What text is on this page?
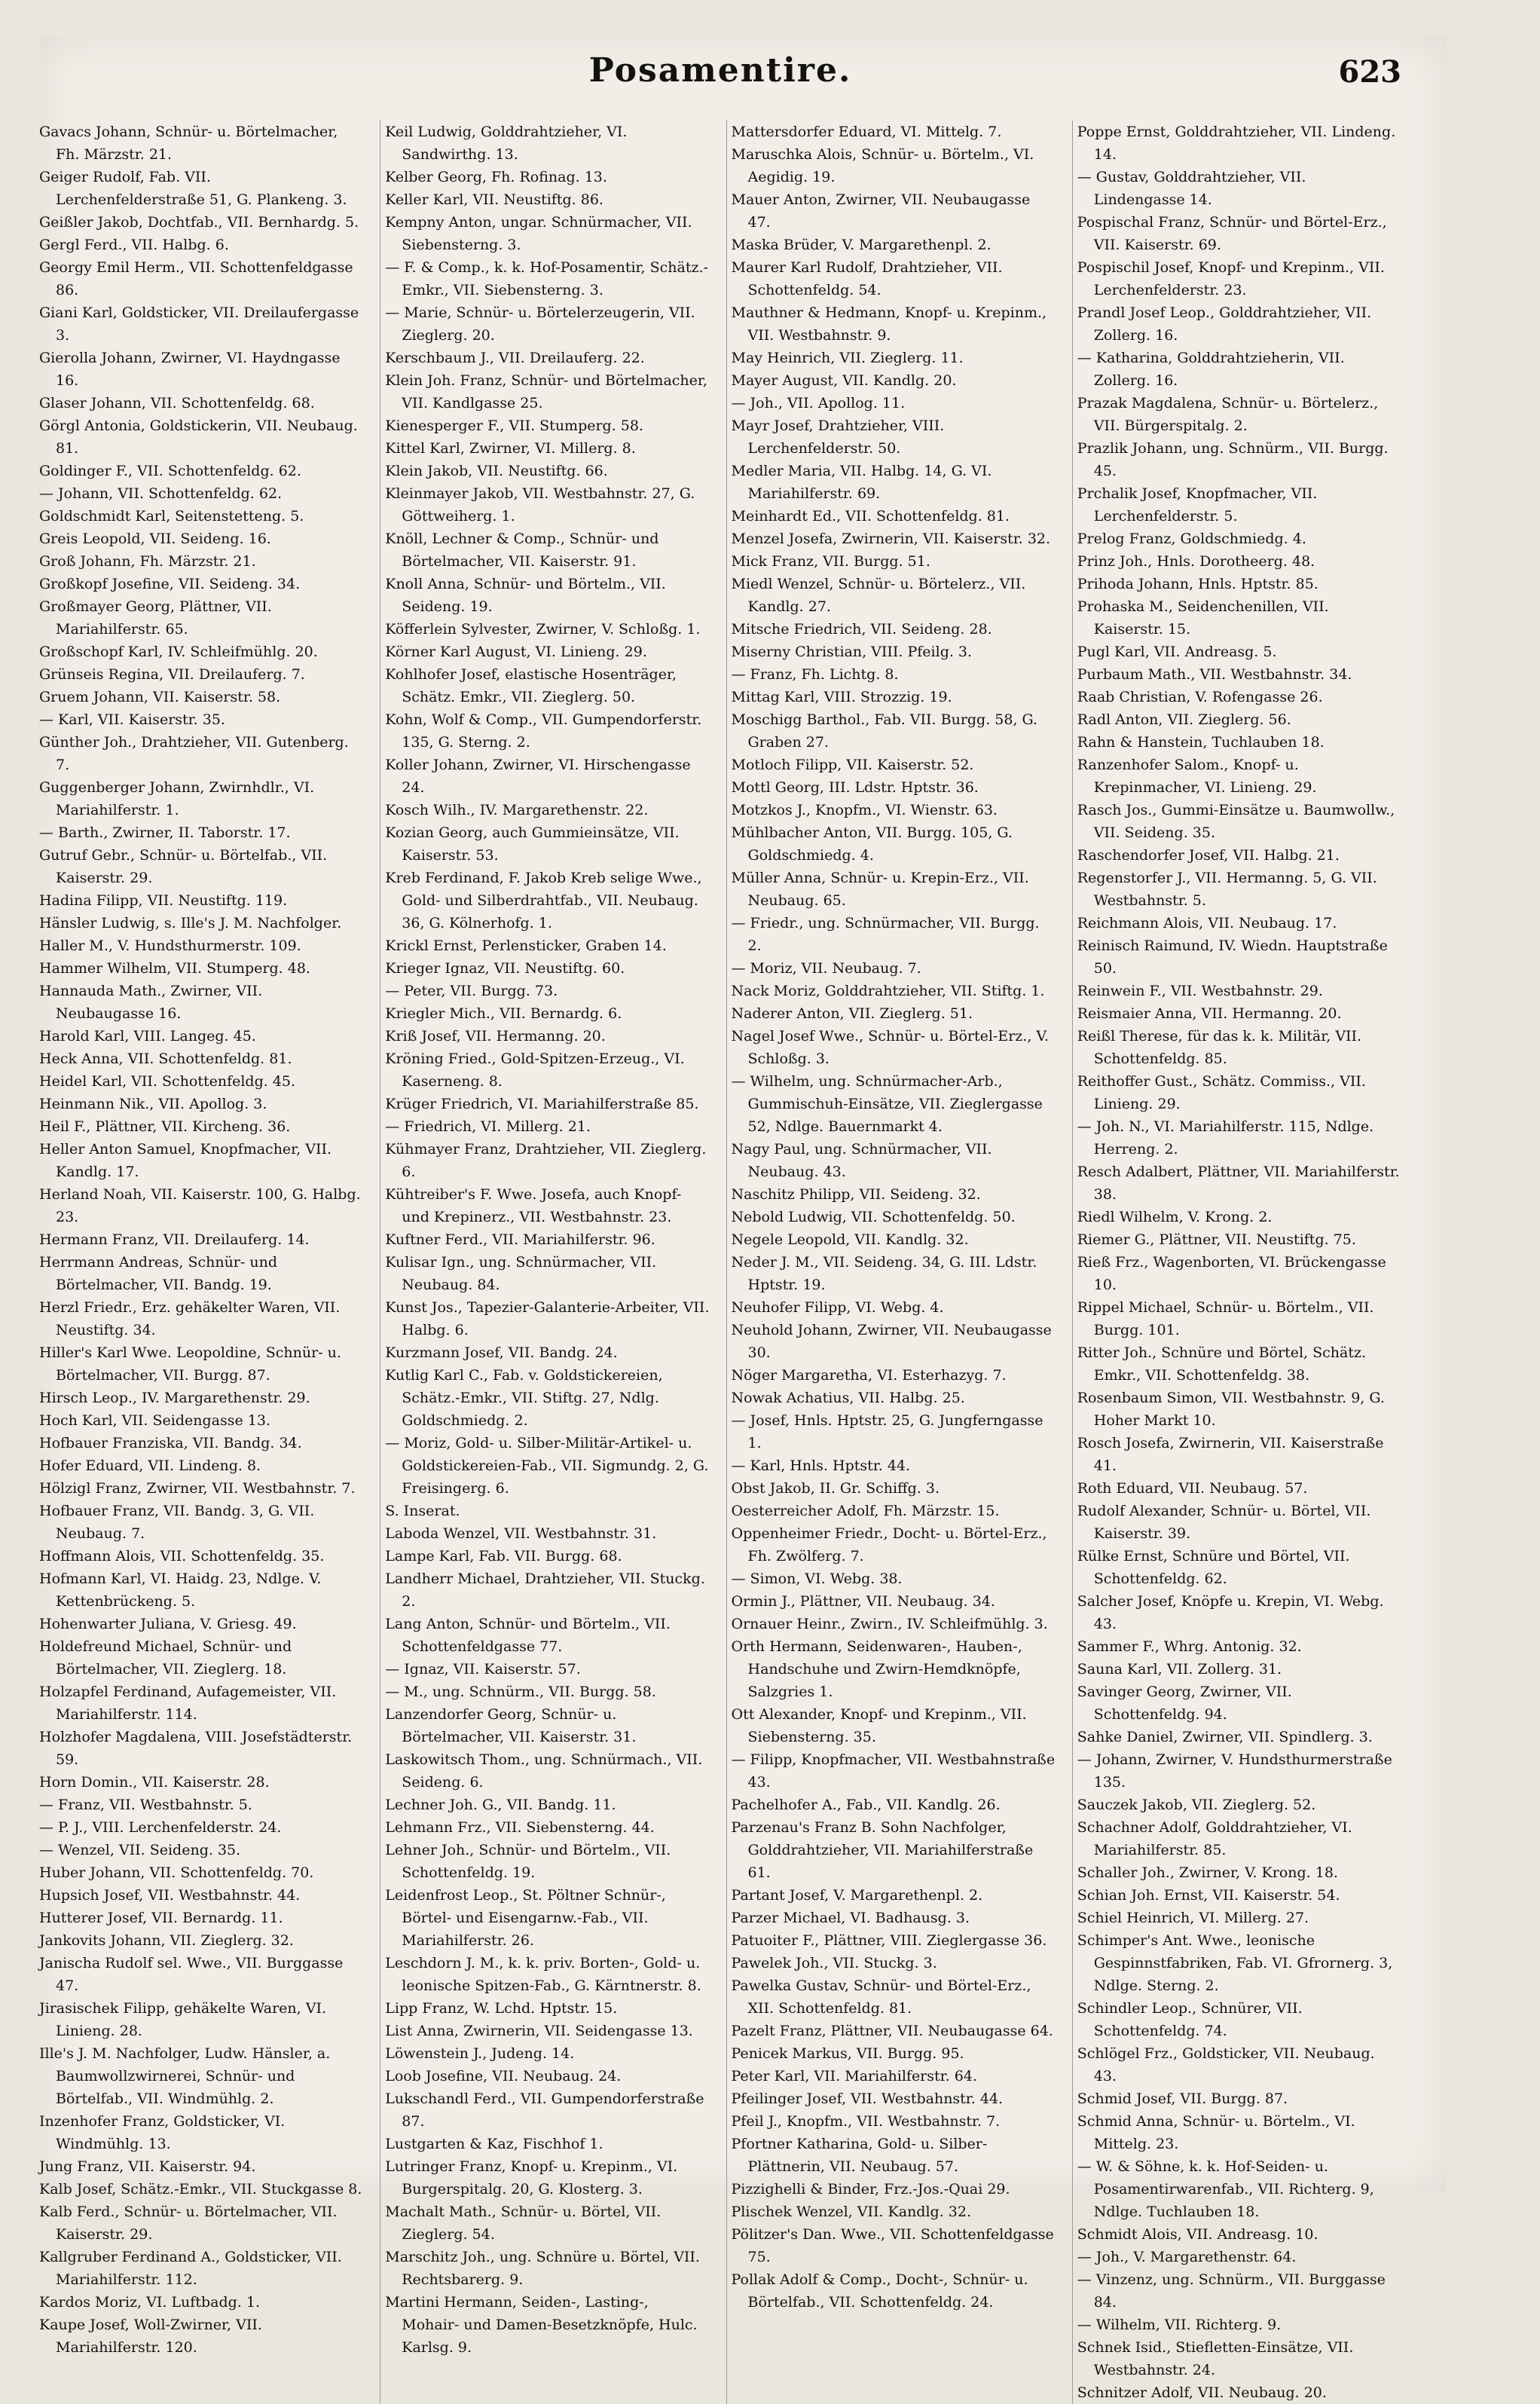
Posamentire.	623

Gavacs Johann, Schnür- u. Börtelmacher, Fh. Märzstr. 21.

Geiger Rudolf, Fab. VII. Lerchenfelderstraße 51, G. Plankeng. 3.

Geißler Jakob, Dochtfab., VII. Bernhardg. 5.

Gergl Ferd., VII. Halbg. 6.

Georgy Emil Herm., VII. Schottenfeldgasse 86.

Giani Karl, Goldsticker, VII. Dreilaufergasse 3.

Gierolla Johann, Zwirner, VI. Haydngasse 16.

Glaser Johann, VII. Schottenfeldg. 68.

Görgl Antonia, Goldstickerin, VII. Neubaug. 81.

Goldinger F., VII. Schottenfeldg. 62.

— Johann, VII. Schottenfeldg. 62.

Goldschmidt Karl, Seitenstetteng. 5.

Greis Leopold, VII. Seideng. 16.

Groß Johann, Fh. Märzstr. 21.

Großkopf Josefine, VII. Seideng. 34.

Großmayer Georg, Plättner, VII. Mariahilferstr. 65.

Großschopf Karl, IV. Schleifmühlg. 20.

Grünseis Regina, VII. Dreilauferg. 7.

Gruem Johann, VII. Kaiserstr. 58.

— Karl, VII. Kaiserstr. 35.

Günther Joh., Drahtzieher, VII. Gutenberg. 7.

Guggenberger Johann, Zwirnhdlr., VI. Mariahilferstr. 1.

— Barth., Zwirner, II. Taborstr. 17.

Gutruf Gebr., Schnür- u. Börtelfab., VII. Kaiserstr. 29.

Hadina Filipp, VII. Neustiftg. 119.

Hänsler Ludwig, s. Ille's J. M. Nachfolger.

Haller M., V. Hundsthurmerstr. 109.

Hammer Wilhelm, VII. Stumperg. 48.

Hannauda Math., Zwirner, VII. Neubaugasse 16.

Harold Karl, VIII. Langeg. 45.

Heck Anna, VII. Schottenfeldg. 81.

Heidel Karl, VII. Schottenfeldg. 45.

Heinmann Nik., VII. Apollog. 3.

Heil F., Plättner, VII. Kircheng. 36.

Heller Anton Samuel, Knopfmacher, VII. Kandlg. 17.

Herland Noah, VII. Kaiserstr. 100, G. Halbg. 23.

Hermann Franz, VII. Dreilauferg. 14.

Herrmann Andreas, Schnür- und Börtelmacher, VII. Bandg. 19.

Herzl Friedr., Erz. gehäkelter Waren, VII. Neustiftg. 34.

Hiller's Karl Wwe. Leopoldine, Schnür- u. Börtelmacher, VII. Burgg. 87.

Hirsch Leop., IV. Margarethenstr. 29.

Hoch Karl, VII. Seidengasse 13.

Hofbauer Franziska, VII. Bandg. 34.

Hofer Eduard, VII. Lindeng. 8.

Hölzigl Franz, Zwirner, VII. Westbahnstr. 7.

Hofbauer Franz, VII. Bandg. 3, G. VII. Neubaug. 7.

Hoffmann Alois, VII. Schottenfeldg. 35.

Hofmann Karl, VI. Haidg. 23, Ndlge. V. Kettenbrückeng. 5.

Hohenwarter Juliana, V. Griesg. 49.

Holdefreund Michael, Schnür- und Börtelmacher, VII. Zieglerg. 18.

Holzapfel Ferdinand, Aufagemeister, VII. Mariahilferstr. 114.

Holzhofer Magdalena, VIII. Josefstädterstr. 59.

Horn Domin., VII. Kaiserstr. 28.

— Franz, VII. Westbahnstr. 5.

— P. J., VIII. Lerchenfelderstr. 24.

— Wenzel, VII. Seideng. 35.

Huber Johann, VII. Schottenfeldg. 70.

Hupsich Josef, VII. Westbahnstr. 44.

Hutterer Josef, VII. Bernardg. 11.

Jankovits Johann, VII. Zieglerg. 32.

Janischa Rudolf sel. Wwe., VII. Burggasse 47.

Jirasischek Filipp, gehäkelte Waren, VI. Linieng. 28.

Ille's J. M. Nachfolger, Ludw. Hänsler, a. Baumwollzwirnerei, Schnür- und Börtelfab., VII. Windmühlg. 2.

Inzenhofer Franz, Goldsticker, VI. Windmühlg. 13.

Jung Franz, VII. Kaiserstr. 94.

Kalb Josef, Schätz.-Emkr., VII. Stuckgasse 8.

Kalb Ferd., Schnür- u. Börtelmacher, VII. Kaiserstr. 29.

Kallgruber Ferdinand A., Goldsticker, VII. Mariahilferstr. 112.

Kardos Moriz, VI. Luftbadg. 1.

Kaupe Josef, Woll-Zwirner, VII. Mariahilferstr. 120.

Keil Ludwig, Golddrahtzieher, VI. Sandwirthg. 13.

Kelber Georg, Fh. Rofinag. 13.

Keller Karl, VII. Neustiftg. 86.

Kempny Anton, ungar. Schnürmacher, VII. Siebensterng. 3.

— F. & Comp., k. k. Hof-Posamentir, Schätz.-Emkr., VII. Siebensterng. 3.

— Marie, Schnür- u. Börtelerzeugerin, VII. Zieglerg. 20.

Kerschbaum J., VII. Dreilauferg. 22.

Klein Joh. Franz, Schnür- und Börtelmacher, VII. Kandlgasse 25.

Kienesperger F., VII. Stumperg. 58.

Kittel Karl, Zwirner, VI. Millerg. 8.

Klein Jakob, VII. Neustiftg. 66.

Kleinmayer Jakob, VII. Westbahnstr. 27, G. Göttweiherg. 1.

Knöll, Lechner & Comp., Schnür- und Börtelmacher, VII. Kaiserstr. 91.

Knoll Anna, Schnür- und Börtelm., VII. Seideng. 19.

Köfferlein Sylvester, Zwirner, V. Schloßg. 1.

Körner Karl August, VI. Linieng. 29.

Kohlhofer Josef, elastische Hosenträger, Schätz. Emkr., VII. Zieglerg. 50.

Kohn, Wolf & Comp., VII. Gumpendorferstr. 135, G. Sterng. 2.

Koller Johann, Zwirner, VI. Hirschengasse 24.

Kosch Wilh., IV. Margarethenstr. 22.

Kozian Georg, auch Gummieinsätze, VII. Kaiserstr. 53.

Kreb Ferdinand, F. Jakob Kreb selige Wwe., Gold- und Silberdrahtfab., VII. Neubaug. 36, G. Kölnerhofg. 1.

Krickl Ernst, Perlensticker, Graben 14.

Krieger Ignaz, VII. Neustiftg. 60.

— Peter, VII. Burgg. 73.

Kriegler Mich., VII. Bernardg. 6.

Kriß Josef, VII. Hermanng. 20.

Kröning Fried., Gold-Spitzen-Erzeug., VI. Kaserneng. 8.

Krüger Friedrich, VI. Mariahilferstraße 85.

— Friedrich, VI. Millerg. 21.

Kühmayer Franz, Drahtzieher, VII. Zieglerg. 6.

Kühtreiber's F. Wwe. Josefa, auch Knopf- und Krepinerz., VII. Westbahnstr. 23.

Kuftner Ferd., VII. Mariahilferstr. 96.

Kulisar Ign., ung. Schnürmacher, VII. Neubaug. 84.

Kunst Jos., Tapezier-Galanterie-Arbeiter, VII. Halbg. 6.

Kurzmann Josef, VII. Bandg. 24.

Kutlig Karl C., Fab. v. Goldstickereien, Schätz.-Emkr., VII. Stiftg. 27, Ndlg. Goldschmiedg. 2.

— Moriz, Gold- u. Silber-Militär-Artikel- u. Goldstickereien-Fab., VII. Sigmundg. 2, G. Freisingerg. 6.

S. Inserat.

Laboda Wenzel, VII. Westbahnstr. 31.

Lampe Karl, Fab. VII. Burgg. 68.

Landherr Michael, Drahtzieher, VII. Stuckg. 2.

Lang Anton, Schnür- und Börtelm., VII. Schottenfeldgasse 77.

— Ignaz, VII. Kaiserstr. 57.

— M., ung. Schnürm., VII. Burgg. 58.

Lanzendorfer Georg, Schnür- u. Börtelmacher, VII. Kaiserstr. 31.

Laskowitsch Thom., ung. Schnürmach., VII. Seideng. 6.

Lechner Joh. G., VII. Bandg. 11.

Lehmann Frz., VII. Siebensterng. 44.

Lehner Joh., Schnür- und Börtelm., VII. Schottenfeldg. 19.

Leidenfrost Leop., St. Pöltner Schnür-, Börtel- und Eisengarnw.-Fab., VII. Mariahilferstr. 26.

Leschdorn J. M., k. k. priv. Borten-, Gold- u. leonische Spitzen-Fab., G. Kärntnerstr. 8.

Lipp Franz, W. Lchd. Hptstr. 15.

List Anna, Zwirnerin, VII. Seidengasse 13.

Löwenstein J., Judeng. 14.

Loob Josefine, VII. Neubaug. 24.

Lukschandl Ferd., VII. Gumpendorferstraße 87.

Lustgarten & Kaz, Fischhof 1.

Lutringer Franz, Knopf- u. Krepinm., VI. Burgerspitalg. 20, G. Klosterg. 3.

Machalt Math., Schnür- u. Börtel, VII. Zieglerg. 54.

Marschitz Joh., ung. Schnüre u. Börtel, VII. Rechtsbarerg. 9.

Martini Hermann, Seiden-, Lasting-, Mohair- und Damen-Besetzknöpfe, Hulc. Karlsg. 9.

Mattersdorfer Eduard, VI. Mittelg. 7.

Maruschka Alois, Schnür- u. Börtelm., VI. Aegidig. 19.

Mauer Anton, Zwirner, VII. Neubaugasse 47.

Maska Brüder, V. Margarethenpl. 2.

Maurer Karl Rudolf, Drahtzieher, VII. Schottenfeldg. 54.

Mauthner & Hedmann, Knopf- u. Krepinm., VII. Westbahnstr. 9.

May Heinrich, VII. Zieglerg. 11.

Mayer August, VII. Kandlg. 20.

— Joh., VII. Apollog. 11.

Mayr Josef, Drahtzieher, VIII. Lerchenfelderstr. 50.

Medler Maria, VII. Halbg. 14, G. VI. Mariahilferstr. 69.

Meinhardt Ed., VII. Schottenfeldg. 81.

Menzel Josefa, Zwirnerin, VII. Kaiserstr. 32.

Mick Franz, VII. Burgg. 51.

Miedl Wenzel, Schnür- u. Börtelerz., VII. Kandlg. 27.

Mitsche Friedrich, VII. Seideng. 28.

Miserny Christian, VIII. Pfeilg. 3.

— Franz, Fh. Lichtg. 8.

Mittag Karl, VIII. Strozzig. 19.

Moschigg Barthol., Fab. VII. Burgg. 58, G. Graben 27.

Motloch Filipp, VII. Kaiserstr. 52.

Mottl Georg, III. Ldstr. Hptstr. 36.

Motzkos J., Knopfm., VI. Wienstr. 63.

Mühlbacher Anton, VII. Burgg. 105, G. Goldschmiedg. 4.

Müller Anna, Schnür- u. Krepin-Erz., VII. Neubaug. 65.

— Friedr., ung. Schnürmacher, VII. Burgg. 2.

— Moriz, VII. Neubaug. 7.

Nack Moriz, Golddrahtzieher, VII. Stiftg. 1.

Naderer Anton, VII. Zieglerg. 51.

Nagel Josef Wwe., Schnür- u. Börtel-Erz., V. Schloßg. 3.

— Wilhelm, ung. Schnürmacher-Arb., Gummischuh-Einsätze, VII. Zieglergasse 52, Ndlge. Bauernmarkt 4.

Nagy Paul, ung. Schnürmacher, VII. Neubaug. 43.

Naschitz Philipp, VII. Seideng. 32.

Nebold Ludwig, VII. Schottenfeldg. 50.

Negele Leopold, VII. Kandlg. 32.

Neder J. M., VII. Seideng. 34, G. III. Ldstr. Hptstr. 19.

Neuhofer Filipp, VI. Webg. 4.

Neuhold Johann, Zwirner, VII. Neubaugasse 30.

Nöger Margaretha, VI. Esterhazyg. 7.

Nowak Achatius, VII. Halbg. 25.

— Josef, Hnls. Hptstr. 25, G. Jungferngasse 1.

— Karl, Hnls. Hptstr. 44.

Obst Jakob, II. Gr. Schiffg. 3.

Oesterreicher Adolf, Fh. Märzstr. 15.

Oppenheimer Friedr., Docht- u. Börtel-Erz., Fh. Zwölferg. 7.

— Simon, VI. Webg. 38.

Ormin J., Plättner, VII. Neubaug. 34.

Ornauer Heinr., Zwirn., IV. Schleifmühlg. 3.

Orth Hermann, Seidenwaren-, Hauben-, Handschuhe und Zwirn-Hemdknöpfe, Salzgries 1.

Ott Alexander, Knopf- und Krepinm., VII. Siebensterng. 35.

— Filipp, Knopfmacher, VII. Westbahnstraße 43.

Pachelhofer A., Fab., VII. Kandlg. 26.

Parzenau's Franz B. Sohn Nachfolger, Golddrahtzieher, VII. Mariahilferstraße 61.

Partant Josef, V. Margarethenpl. 2.

Parzer Michael, VI. Badhausg. 3.

Patuoiter F., Plättner, VIII. Zieglergasse 36.

Pawelek Joh., VII. Stuckg. 3.

Pawelka Gustav, Schnür- und Börtel-Erz., XII. Schottenfeldg. 81.

Pazelt Franz, Plättner, VII. Neubaugasse 64.

Penicek Markus, VII. Burgg. 95.

Peter Karl, VII. Mariahilferstr. 64.

Pfeilinger Josef, VII. Westbahnstr. 44.

Pfeil J., Knopfm., VII. Westbahnstr. 7.

Pfortner Katharina, Gold- u. Silber-Plättnerin, VII. Neubaug. 57.

Pizzighelli & Binder, Frz.-Jos.-Quai 29.

Plischek Wenzel, VII. Kandlg. 32.

Pölitzer's Dan. Wwe., VII. Schottenfeldgasse 75.

Pollak Adolf & Comp., Docht-, Schnür- u. Börtelfab., VII. Schottenfeldg. 24.

Poppe Ernst, Golddrahtzieher, VII. Lindeng. 14.

— Gustav, Golddrahtzieher, VII. Lindengasse 14.

Pospischal Franz, Schnür- und Börtel-Erz., VII. Kaiserstr. 69.

Pospischil Josef, Knopf- und Krepinm., VII. Lerchenfelderstr. 23.

Prandl Josef Leop., Golddrahtzieher, VII. Zollerg. 16.

— Katharina, Golddrahtzieherin, VII. Zollerg. 16.

Prazak Magdalena, Schnür- u. Börtelerz., VII. Bürgerspitalg. 2.

Prazlik Johann, ung. Schnürm., VII. Burgg. 45.

Prchalik Josef, Knopfmacher, VII. Lerchenfelderstr. 5.

Prelog Franz, Goldschmiedg. 4.

Prinz Joh., Hnls. Dorotheerg. 48.

Prihoda Johann, Hnls. Hptstr. 85.

Prohaska M., Seidenchenillen, VII. Kaiserstr. 15.

Pugl Karl, VII. Andreasg. 5.

Purbaum Math., VII. Westbahnstr. 34.

Raab Christian, V. Rofengasse 26.

Radl Anton, VII. Zieglerg. 56.

Rahn & Hanstein, Tuchlauben 18.

Ranzenhofer Salom., Knopf- u. Krepinmacher, VI. Linieng. 29.

Rasch Jos., Gummi-Einsätze u. Baumwollw., VII. Seideng. 35.

Raschendorfer Josef, VII. Halbg. 21.

Regenstorfer J., VII. Hermanng. 5, G. VII. Westbahnstr. 5.

Reichmann Alois, VII. Neubaug. 17.

Reinisch Raimund, IV. Wiedn. Hauptstraße 50.

Reinwein F., VII. Westbahnstr. 29.

Reismaier Anna, VII. Hermanng. 20.

Reißl Therese, für das k. k. Militär, VII. Schottenfeldg. 85.

Reithoffer Gust., Schätz. Commiss., VII. Linieng. 29.

— Joh. N., VI. Mariahilferstr. 115, Ndlge. Herreng. 2.

Resch Adalbert, Plättner, VII. Mariahilferstr. 38.

Riedl Wilhelm, V. Krong. 2.

Riemer G., Plättner, VII. Neustiftg. 75.

Rieß Frz., Wagenborten, VI. Brückengasse 10.

Rippel Michael, Schnür- u. Börtelm., VII. Burgg. 101.

Ritter Joh., Schnüre und Börtel, Schätz. Emkr., VII. Schottenfeldg. 38.

Rosenbaum Simon, VII. Westbahnstr. 9, G. Hoher Markt 10.

Rosch Josefa, Zwirnerin, VII. Kaiserstraße 41.

Roth Eduard, VII. Neubaug. 57.

Rudolf Alexander, Schnür- u. Börtel, VII. Kaiserstr. 39.

Rülke Ernst, Schnüre und Börtel, VII. Schottenfeldg. 62.

Salcher Josef, Knöpfe u. Krepin, VI. Webg. 43.

Sammer F., Whrg. Antonig. 32.

Sauna Karl, VII. Zollerg. 31.

Savinger Georg, Zwirner, VII. Schottenfeldg. 94.

Sahke Daniel, Zwirner, VII. Spindlerg. 3.

— Johann, Zwirner, V. Hundsthurmerstraße 135.

Sauczek Jakob, VII. Zieglerg. 52.

Schachner Adolf, Golddrahtzieher, VI. Mariahilferstr. 85.

Schaller Joh., Zwirner, V. Krong. 18.

Schian Joh. Ernst, VII. Kaiserstr. 54.

Schiel Heinrich, VI. Millerg. 27.

Schimper's Ant. Wwe., leonische Gespinnstfabriken, Fab. VI. Gfrornerg. 3, Ndlge. Sterng. 2.

Schindler Leop., Schnürer, VII. Schottenfeldg. 74.

Schlögel Frz., Goldsticker, VII. Neubaug. 43.

Schmid Josef, VII. Burgg. 87.

Schmid Anna, Schnür- u. Börtelm., VI. Mittelg. 23.

— W. & Söhne, k. k. Hof-Seiden- u. Posamentirwarenfab., VII. Richterg. 9, Ndlge. Tuchlauben 18.

Schmidt Alois, VII. Andreasg. 10.

— Joh., V. Margarethenstr. 64.

— Vinzenz, ung. Schnürm., VII. Burggasse 84.

— Wilhelm, VII. Richterg. 9.

Schnek Isid., Stiefletten-Einsätze, VII. Westbahnstr. 24.

Schnitzer Adolf, VII. Neubaug. 20.
